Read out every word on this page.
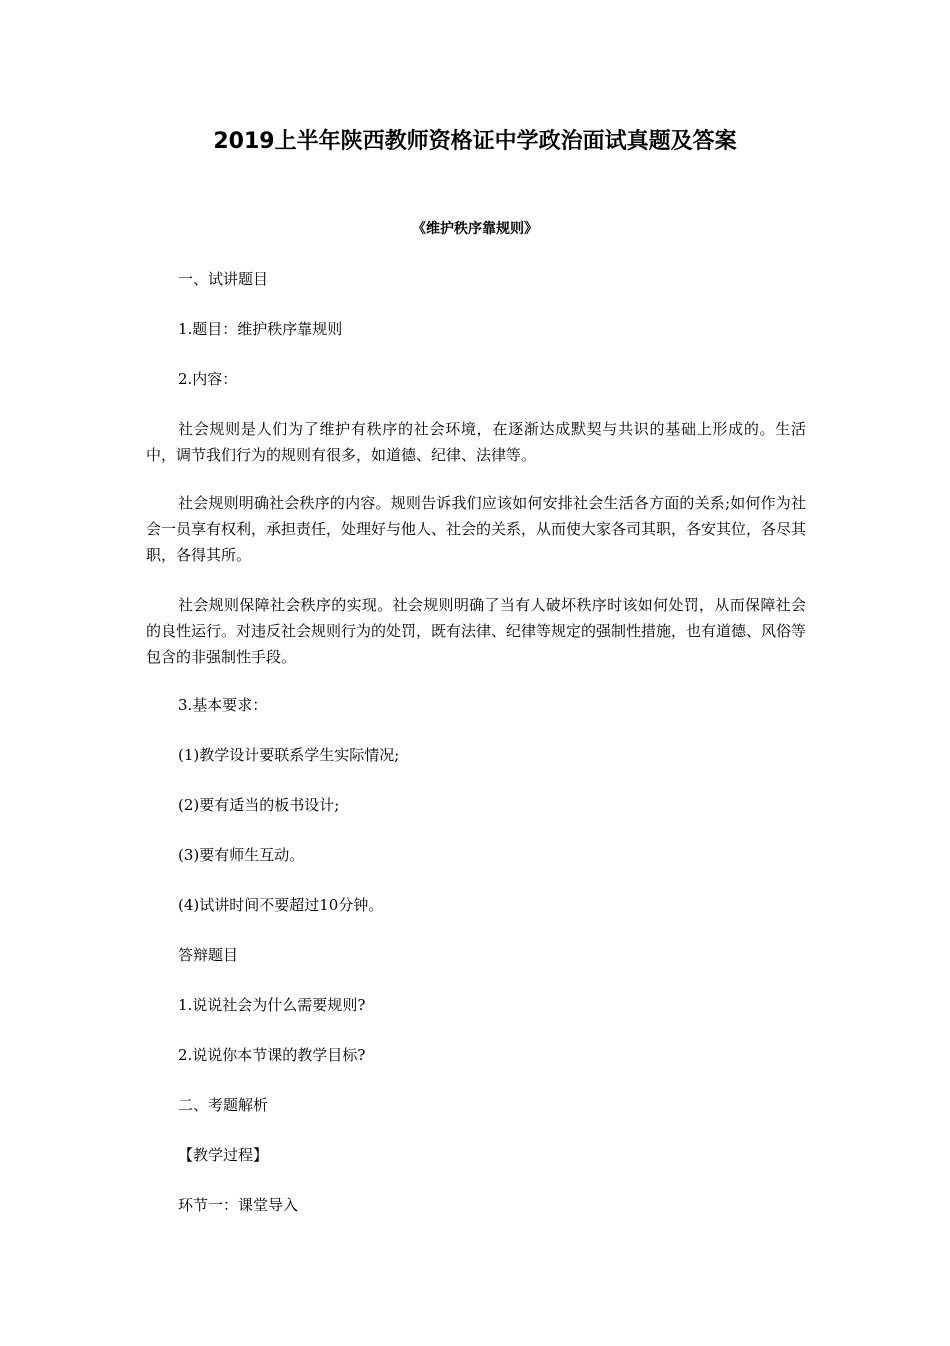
2019上半年陕西教师资格证中学政治面试真题及答案
《维护秩序靠规则》
一、试讲题目
1.题目：维护秩序靠规则
2.内容：
社会规则是人们为了维护有秩序的社会环境，在逐渐达成默契与共识的基础上形成的。生活中，调节我们行为的规则有很多，如道德、纪律、法律等。
社会规则明确社会秩序的内容。规则告诉我们应该如何安排社会生活各方面的关系;如何作为社会一员享有权利，承担责任，处理好与他人、社会的关系，从而使大家各司其职，各安其位，各尽其职，各得其所。
社会规则保障社会秩序的实现。社会规则明确了当有人破坏秩序时该如何处罚，从而保障社会的良性运行。对违反社会规则行为的处罚，既有法律、纪律等规定的强制性措施，也有道德、风俗等包含的非强制性手段。
3.基本要求：
(1)教学设计要联系学生实际情况;
(2)要有适当的板书设计;
(3)要有师生互动。
(4)试讲时间不要超过10分钟。
答辩题目
1.说说社会为什么需要规则?
2.说说你本节课的教学目标?
二、考题解析
【教学过程】
环节一：课堂导入
